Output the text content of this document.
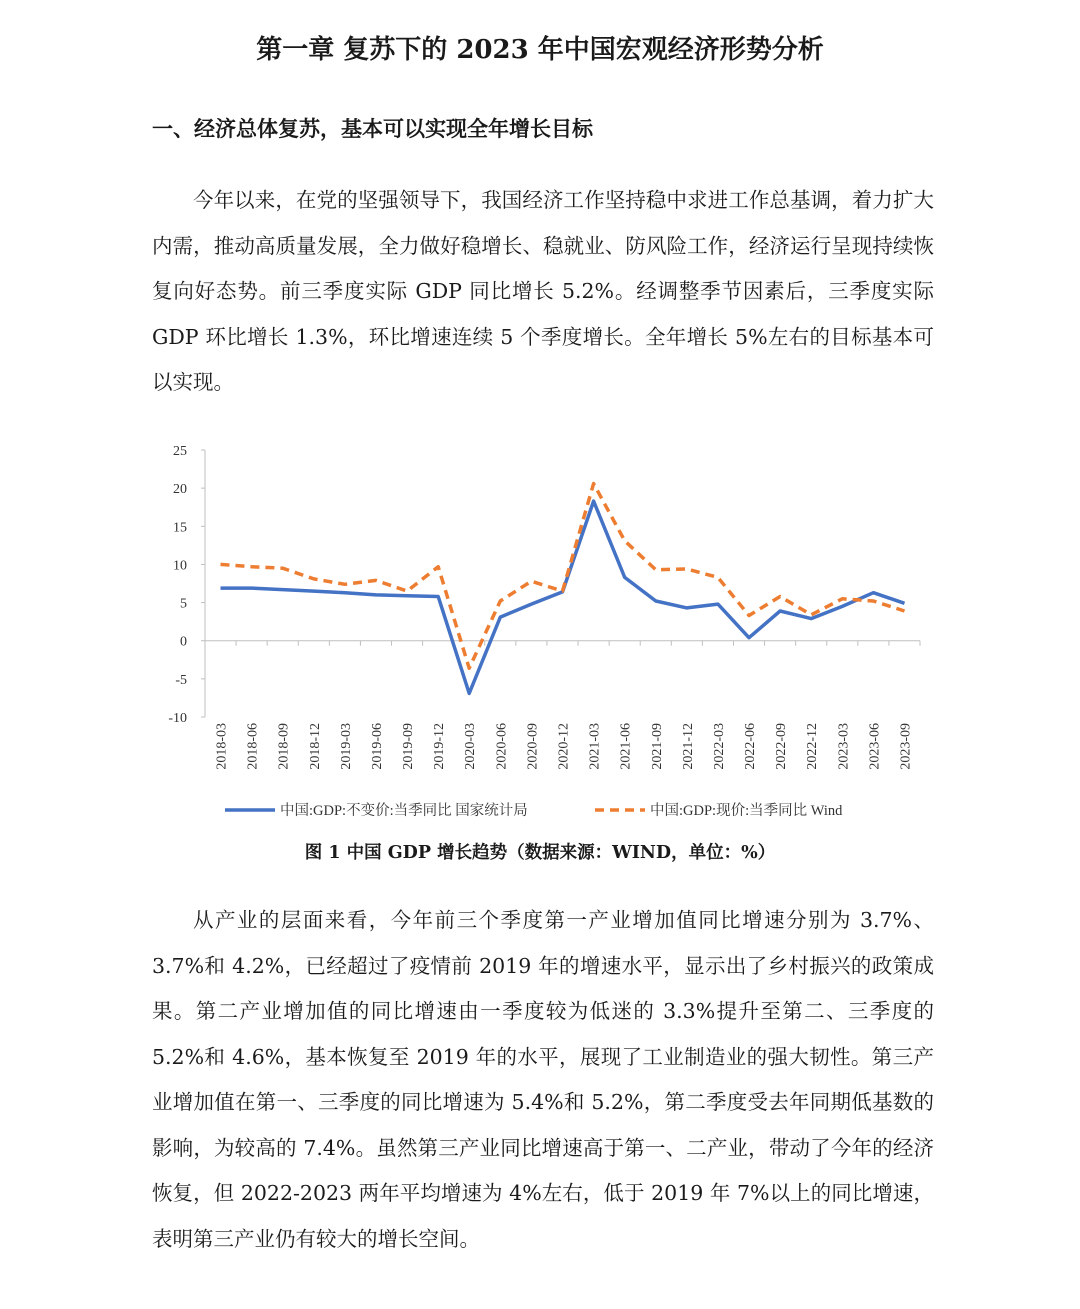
第一章 复苏下的 2023 年中国宏观经济形势分析
一、经济总体复苏，基本可以实现全年增长目标

今年以来，在党的坚强领导下，我国经济工作坚持稳中求进工作总基调，着力扩大内需，推动高质量发展，全力做好稳增长、稳就业、防风险工作，经济运行呈现持续恢复向好态势。前三季度实际 GDP 同比增长 5.2%。经调整季节因素后，三季度实际 GDP 环比增长 1.3%，环比增速连续 5 个季度增长。全年增长 5%左右的目标基本可以实现。

25
20
15
10
5
0
-5
-10
2018-03 2018-06 2018-09 2018-12 2019-03 2019-06 2019-09 2019-12 2020-03 2020-06 2020-09 2020-12 2021-03 2021-06 2021-09 2021-12 2022-03 2022-06 2022-09 2022-12 2023-03 2023-06 2023-09
中国:GDP:不变价:当季同比 国家统计局	中国:GDP:现价:当季同比 Wind

图 1 中国 GDP 增长趋势（数据来源：WIND，单位：%）

从产业的层面来看，今年前三个季度第一产业增加值同比增速分别为 3.7%、3.7%和 4.2%，已经超过了疫情前 2019 年的增速水平，显示出了乡村振兴的政策成果。第二产业增加值的同比增速由一季度较为低迷的 3.3%提升至第二、三季度的 5.2%和 4.6%，基本恢复至 2019 年的水平，展现了工业制造业的强大韧性。第三产业增加值在第一、三季度的同比增速为 5.4%和 5.2%，第二季度受去年同期低基数的影响，为较高的 7.4%。虽然第三产业同比增速高于第一、二产业，带动了今年的经济恢复，但 2022-2023 两年平均增速为 4%左右，低于 2019 年 7%以上的同比增速，表明第三产业仍有较大的增长空间。
